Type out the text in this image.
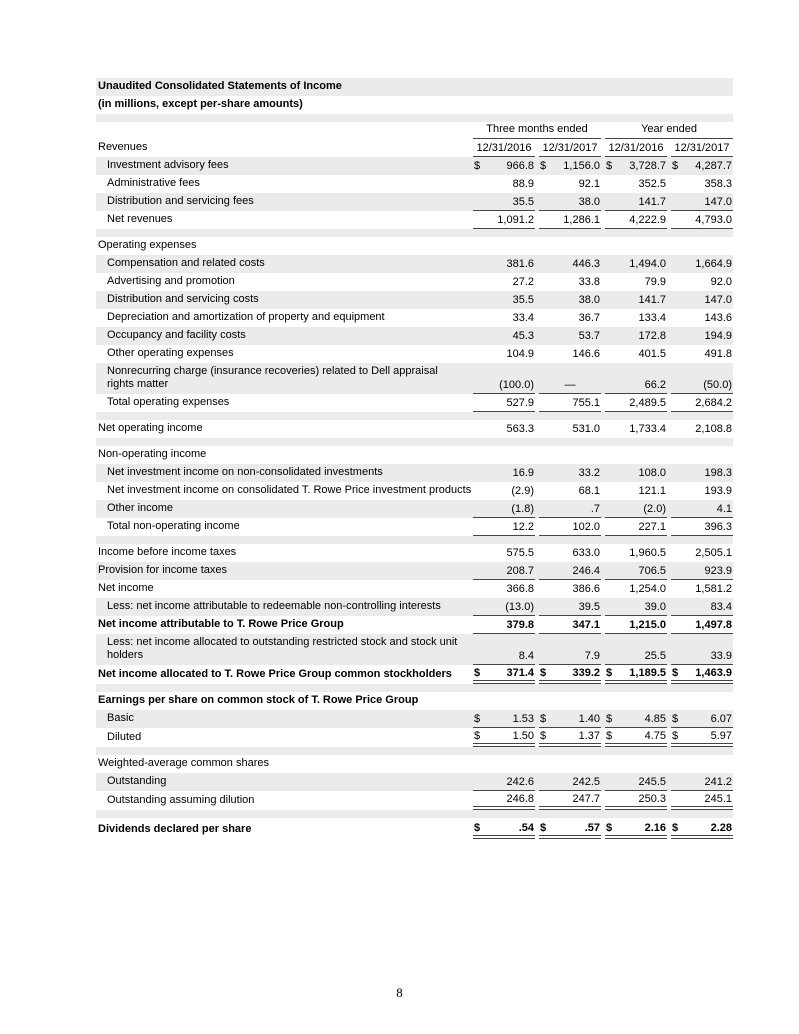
Unaudited Consolidated Statements of Income
(in millions, except per-share amounts)
Three months ended	Year ended
Revenues	12/31/2016 12/31/2017 12/31/2016 12/31/2017
Investment advisory fees	$ 966.8 $ 1,156.0 $ 3,728.7 $ 4,287.7
Administrative fees	88.9	92.1	352.5	358.3
Distribution and servicing fees	35.5	38.0	141.7	147.0
Net revenues	1,091.2	1,286.1	4,222.9	4,793.0
Operating expenses
Compensation and related costs	381.6	446.3	1,494.0	1,664.9
Advertising and promotion	27.2	33.8	79.9	92.0
Distribution and servicing costs	35.5	38.0	141.7	147.0
Depreciation and amortization of property and equipment	33.4	36.7	133.4	143.6
Occupancy and facility costs	45.3	53.7	172.8	194.9
Other operating expenses	104.9	146.6	401.5	491.8
Nonrecurring charge (insurance recoveries) related to Dell appraisal rights matter	(100.0)	—	66.2	(50.0)
Total operating expenses	527.9	755.1	2,489.5	2,684.2
Net operating income	563.3	531.0	1,733.4	2,108.8
Non-operating income
Net investment income on non-consolidated investments	16.9	33.2	108.0	198.3
Net investment income on consolidated T. Rowe Price investment products	(2.9)	68.1	121.1	193.9
Other income	(1.8)	.7	(2.0)	4.1
Total non-operating income	12.2	102.0	227.1	396.3
Income before income taxes	575.5	633.0	1,960.5	2,505.1
Provision for income taxes	208.7	246.4	706.5	923.9
Net income	366.8	386.6	1,254.0	1,581.2
Less: net income attributable to redeemable non-controlling interests	(13.0)	39.5	39.0	83.4
Net income attributable to T. Rowe Price Group	379.8	347.1	1,215.0	1,497.8
Less: net income allocated to outstanding restricted stock and stock unit holders	8.4	7.9	25.5	33.9
Net income allocated to T. Rowe Price Group common stockholders	$ 371.4 $ 339.2 $ 1,189.5 $ 1,463.9
Earnings per share on common stock of T. Rowe Price Group
Basic	$	1.53 $	1.40 $	4.85 $	6.07
Diluted	$	1.50 $	1.37 $	4.75 $	5.97
Weighted-average common shares
Outstanding	242.6	242.5	245.5	241.2
Outstanding assuming dilution	246.8	247.7	250.3	245.1
Dividends declared per share	$	.54 $	.57 $	2.16 $	2.28
8
